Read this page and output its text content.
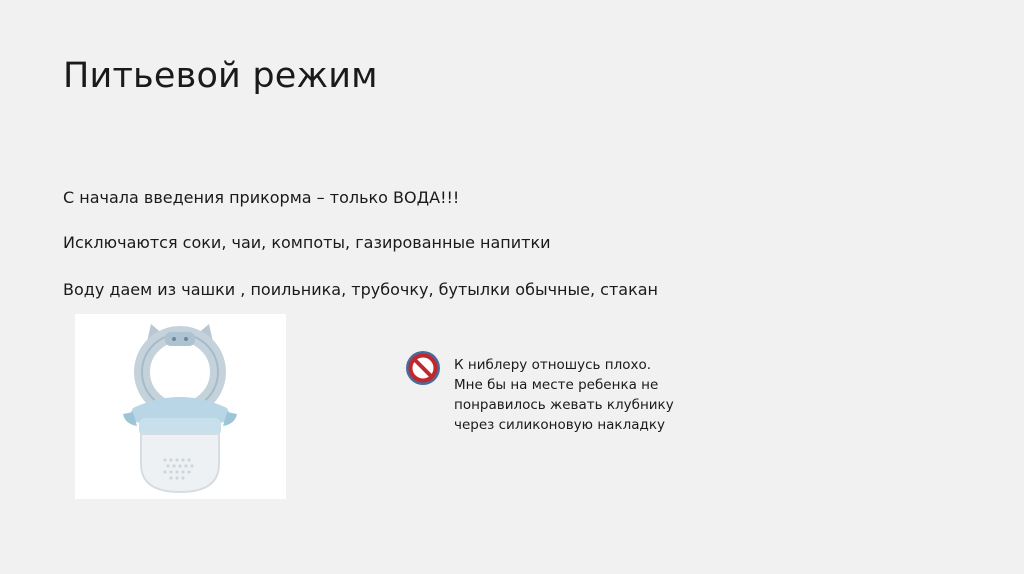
Питьевой режим

С начала введения прикорма – только ВОДА!!!

Исключаются соки, чаи, компоты, газированные напитки

Воду даем из чашки , поильника, трубочку, бутылки обычные, стакан

К ниблеру отношусь плохо.
Мне бы на месте ребенка не
понравилось жевать клубнику
через силиконовую накладку
